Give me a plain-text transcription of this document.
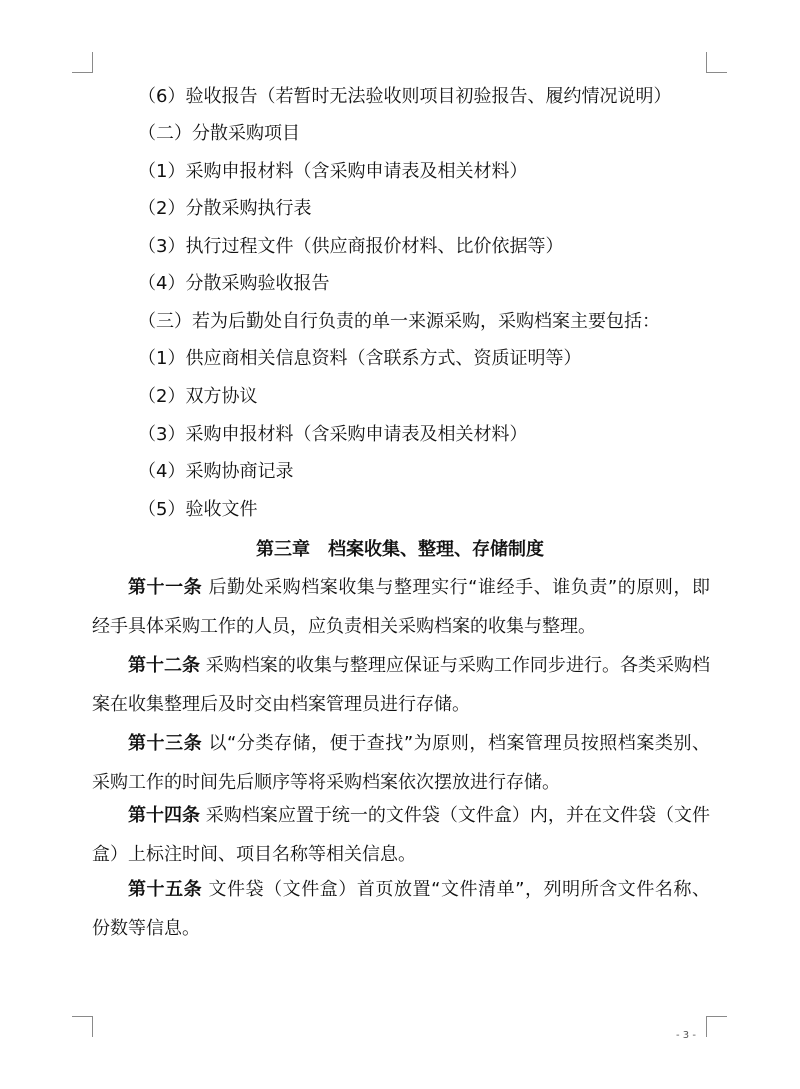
（6）验收报告（若暂时无法验收则项目初验报告、履约情况说明）
（二）分散采购项目
（1）采购申报材料（含采购申请表及相关材料）
（2）分散采购执行表
（3）执行过程文件（供应商报价材料、比价依据等）
（4）分散采购验收报告
（三）若为后勤处自行负责的单一来源采购，采购档案主要包括：
（1）供应商相关信息资料（含联系方式、资质证明等）
（2）双方协议
（3）采购申报材料（含采购申请表及相关材料）
（4）采购协商记录
（5）验收文件
第三章　档案收集、整理、存储制度

第十一条 后勤处采购档案收集与整理实行“谁经手、谁负责”的原则，即经手具体采购工作的人员，应负责相关采购档案的收集与整理。

第十二条 采购档案的收集与整理应保证与采购工作同步进行。各类采购档案在收集整理后及时交由档案管理员进行存储。

第十三条 以“分类存储，便于查找”为原则，档案管理员按照档案类别、采购工作的时间先后顺序等将采购档案依次摆放进行存储。

第十四条 采购档案应置于统一的文件袋（文件盒）内，并在文件袋（文件盒）上标注时间、项目名称等相关信息。

第十五条 文件袋（文件盒）首页放置“文件清单”，列明所含文件名称、份数等信息。

- 3 -
